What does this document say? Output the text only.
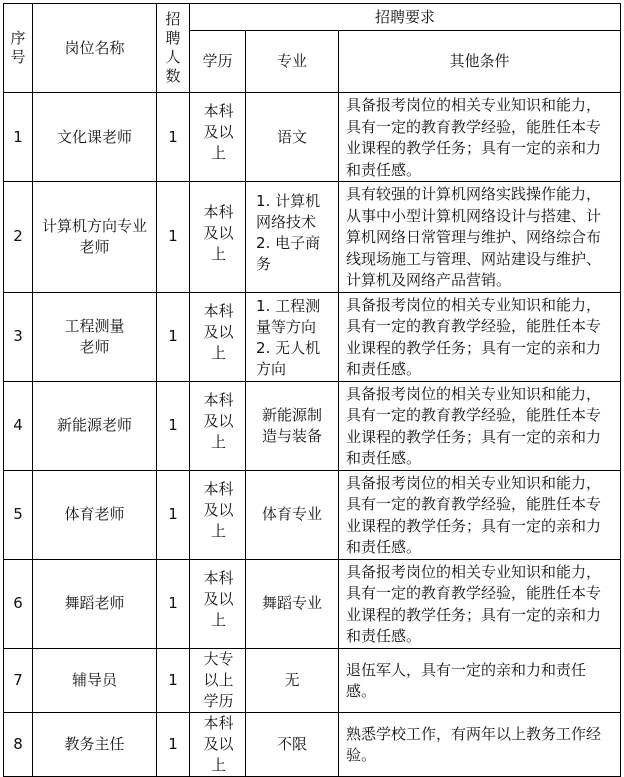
序号	岗位名称	招聘人数	招聘要求		
			学历	专业	其他条件
1	文化课老师	1	本科及以上	语文	具备报考岗位的相关专业知识和能力，具有一定的教育教学经验，能胜任本专业课程的教学任务；具有一定的亲和力和责任感。
2	计算机方向专业老师	1	本科及以上	1. 计算机网络技术 2. 电子商务	具有较强的计算机网络实践操作能力，从事中小型计算机网络设计与搭建、计算机网络日常管理与维护、网络综合布线现场施工与管理、网站建设与维护、计算机及网络产品营销。
3	工程测量老师	1	本科及以上	1. 工程测量等方向 2. 无人机方向	具备报考岗位的相关专业知识和能力，具有一定的教育教学经验，能胜任本专业课程的教学任务；具有一定的亲和力和责任感。
4	新能源老师	1	本科及以上	新能源制造与装备	具备报考岗位的相关专业知识和能力，具有一定的教育教学经验，能胜任本专业课程的教学任务；具有一定的亲和力和责任感。
5	体育老师	1	本科及以上	体育专业	具备报考岗位的相关专业知识和能力，具有一定的教育教学经验，能胜任本专业课程的教学任务；具有一定的亲和力和责任感。
6	舞蹈老师	1	本科及以上	舞蹈专业	具备报考岗位的相关专业知识和能力，具有一定的教育教学经验，能胜任本专业课程的教学任务；具有一定的亲和力和责任感。
7	辅导员	1	大专以上学历	无	退伍军人，具有一定的亲和力和责任感。
8	教务主任	1	本科及以上	不限	熟悉学校工作，有两年以上教务工作经验。
